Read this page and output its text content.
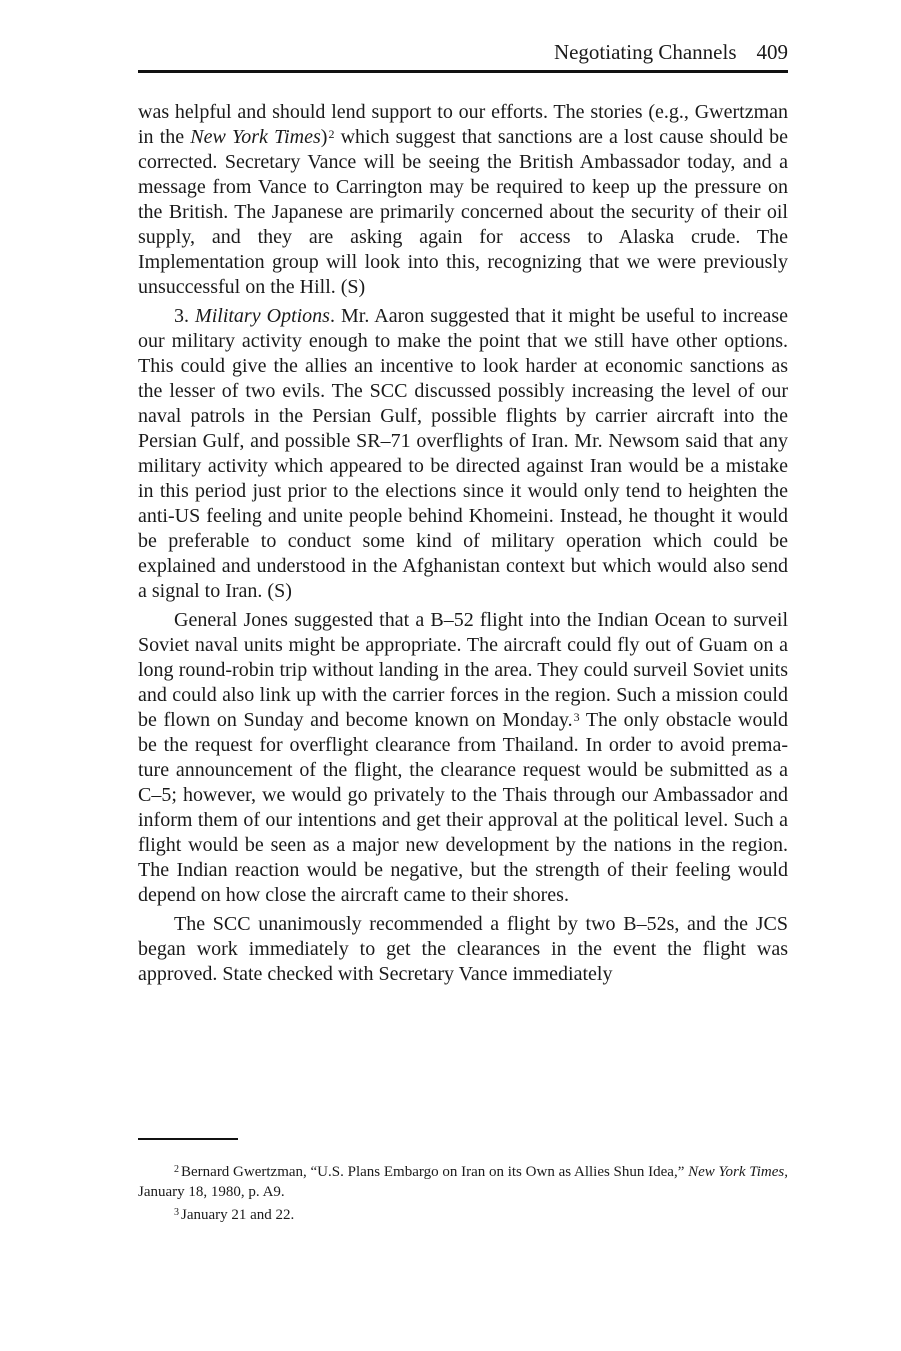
Negotiating Channels 409

was helpful and should lend support to our efforts. The stories (e.g., Gwertzman in the New York Times)$^2$ which suggest that sanctions are a lost cause should be corrected. Secretary Vance will be seeing the British Ambassador today, and a message from Vance to Carrington may be required to keep up the pressure on the British. The Japanese are primarily concerned about the security of their oil supply, and they are asking again for access to Alaska crude. The Implementation group will look into this, recognizing that we were previously unsuccessful on the Hill. (S)

3. Military Options. Mr. Aaron suggested that it might be useful to increase our military activity enough to make the point that we still have other options. This could give the allies an incentive to look harder at economic sanctions as the lesser of two evils. The SCC discussed possibly increasing the level of our naval patrols in the Persian Gulf, possible flights by carrier aircraft into the Persian Gulf, and possible SR–71 overflights of Iran. Mr. Newsom said that any military activity which appeared to be directed against Iran would be a mistake in this period just prior to the elections since it would only tend to heighten the anti-US feeling and unite people behind Khomeini. Instead, he thought it would be preferable to conduct some kind of military operation which could be explained and understood in the Afghanistan context but which would also send a signal to Iran. (S)

General Jones suggested that a B–52 flight into the Indian Ocean to surveil Soviet naval units might be appropriate. The aircraft could fly out of Guam on a long round-robin trip without landing in the area. They could surveil Soviet units and could also link up with the carrier forces in the region. Such a mission could be flown on Sunday and become known on Monday.$^3$ The only obstacle would be the request for overflight clearance from Thailand. In order to avoid premature announcement of the flight, the clearance request would be submitted as a C–5; however, we would go privately to the Thais through our Ambassador and inform them of our intentions and get their approval at the political level. Such a flight would be seen as a major new development by the nations in the region. The Indian reaction would be negative, but the strength of their feeling would depend on how close the aircraft came to their shores.

The SCC unanimously recommended a flight by two B–52s, and the JCS began work immediately to get the clearances in the event the flight was approved. State checked with Secretary Vance immediately

$^2$ Bernard Gwertzman, “U.S. Plans Embargo on Iran on its Own as Allies Shun Idea,” New York Times, January 18, 1980, p. A9.

$^3$ January 21 and 22.
